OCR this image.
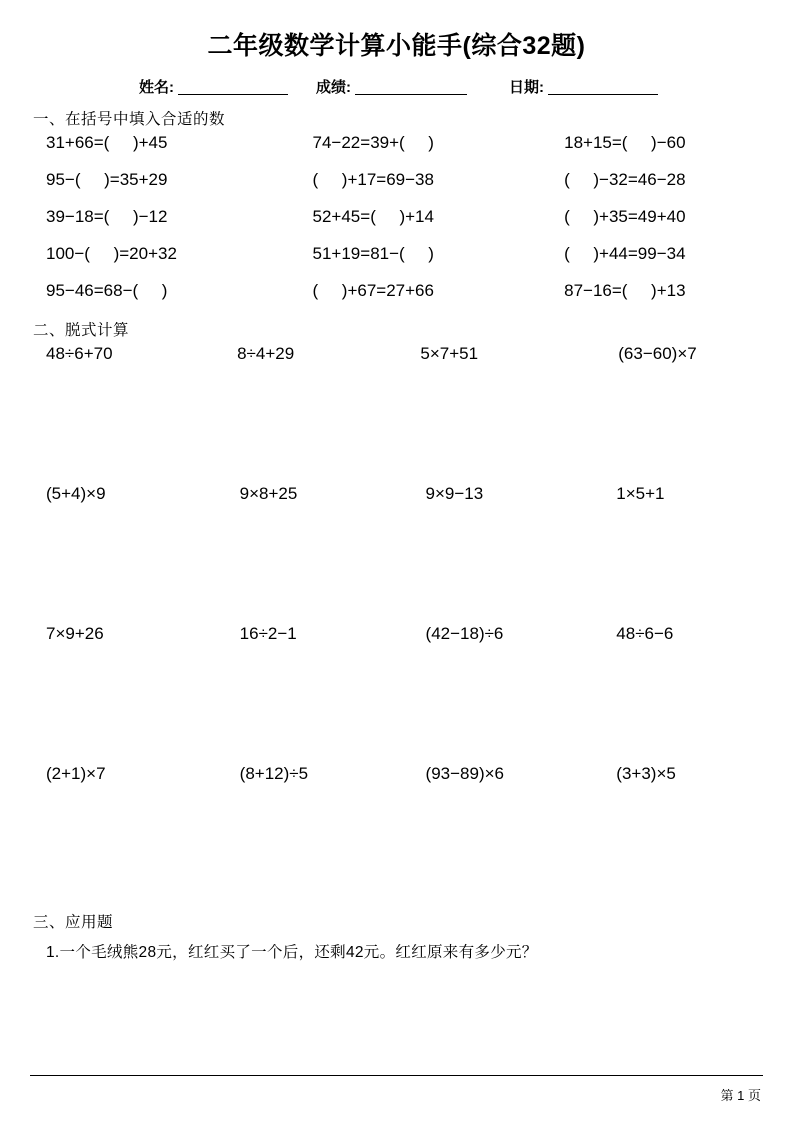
二年级数学计算小能手(综合32题)
姓名:	成绩:	日期:
一、在括号中填入合适的数
31+66=(     )+45	74−22=39+(     )	18+15=(     )−60
95−(     )=35+29	(     )+17=69−38	(     )−32=46−28
39−18=(     )−12	52+45=(     )+14	(     )+35=49+40
100−(     )=20+32	51+19=81−(     )	(     )+44=99−34
95−46=68−(     )	(     )+67=27+66	87−16=(     )+13
二、脱式计算
48÷6+70	8÷4+29	5×7+51	(63−60)×7
(5+4)×9	9×8+25	9×9−13	1×5+1
7×9+26	16÷2−1	(42−18)÷6	48÷6−6
(2+1)×7	(8+12)÷5	(93−89)×6	(3+3)×5
三、应用题
1.一个毛绒熊28元，红红买了一个后，还剩42元。红红原来有多少元？
第 1 页
